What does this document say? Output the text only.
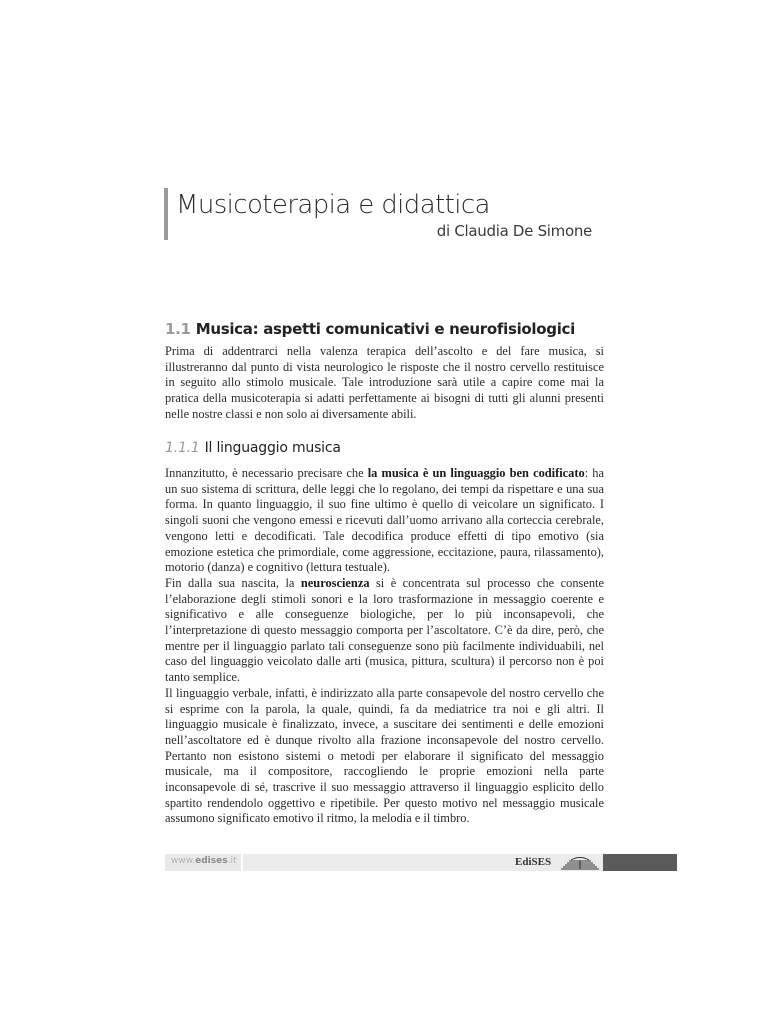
Musicoterapia e didattica
di Claudia De Simone
1.1 Musica: aspetti comunicativi e neurofisiologici

Prima di addentrarci nella valenza terapica dell’ascolto e del fare musica, si illustreranno dal punto di vista neurologico le risposte che il nostro cervello restituisce in seguito allo stimolo musicale. Tale introduzione sarà utile a capire come mai la pratica della musicoterapia si adatti perfettamente ai bisogni di tutti gli alunni presenti nelle nostre classi e non solo ai diversamente abili.

1.1.1 Il linguaggio musica

Innanzitutto, è necessario precisare che la musica è un linguaggio ben codificato: ha un suo sistema di scrittura, delle leggi che lo regolano, dei tempi da rispettare e una sua forma. In quanto linguaggio, il suo fine ultimo è quello di veicolare un significato. I singoli suoni che vengono emessi e ricevuti dall’uomo arrivano alla corteccia cerebrale, vengono letti e decodificati. Tale decodifica produce effetti di tipo emotivo (sia emozione estetica che primordiale, come aggressione, eccitazione, paura, rilassamento), motorio (danza) e cognitivo (lettura testuale).

Fin dalla sua nascita, la neuroscienza si è concentrata sul processo che consente l’elaborazione degli stimoli sonori e la loro trasformazione in messaggio coerente e significativo e alle conseguenze biologiche, per lo più inconsapevoli, che l’interpretazione di questo messaggio comporta per l’ascoltatore. C’è da dire, però, che mentre per il linguaggio parlato tali conseguenze sono più facilmente individuabili, nel caso del linguaggio veicolato dalle arti (musica, pittura, scultura) il percorso non è poi tanto semplice.

Il linguaggio verbale, infatti, è indirizzato alla parte consapevole del nostro cervello che si esprime con la parola, la quale, quindi, fa da mediatrice tra noi e gli altri. Il linguaggio musicale è finalizzato, invece, a suscitare dei sentimenti e delle emozioni nell’ascoltatore ed è dunque rivolto alla frazione inconsapevole del nostro cervello. Pertanto non esistono sistemi o metodi per elaborare il significato del messaggio musicale, ma il compositore, raccogliendo le proprie emozioni nella parte inconsapevole di sé, trascrive il suo messaggio attraverso il linguaggio esplicito dello spartito rendendolo oggettivo e ripetibile. Per questo motivo nel messaggio musicale assumono significato emotivo il ritmo, la melodia e il timbro.

www.edises.it	EdiSES
